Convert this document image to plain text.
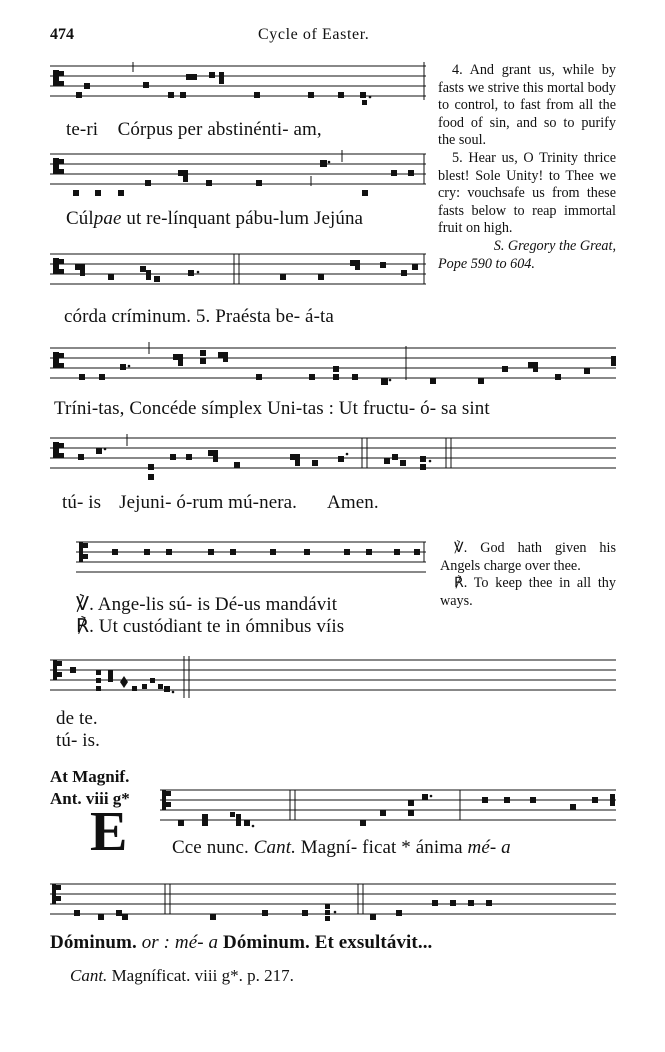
474	Cycle of Easter.
te-ri Córpus per abstinénti- am,
Cúlpae ut re-línquant pábu-lum Jejúna
córda críminum. 5. Praésta be- á-ta

4. And grant us, while by fasts we strive this mortal body to control, to fast from all the food of sin, and so to purify the soul.

5. Hear us, O Trinity thrice blest! Sole Unity! to Thee we cry: vouchsafe us from these fasts below to reap immortal fruit on high.

S. Gregory the Great,

Pope 590 to 604.

Tríni-tas, Concéde símplex Uni-tas : Ut fructu- ó- sa sint
tú- is Jejuni- ó-rum mú-nera. Amen.
℣. Ange-lis sú- is Dé-us mandávit
℟. Ut custódiant te in ómnibus víis

℣. God hath given his Angels charge over thee.

℟. To keep thee in all thy ways.

de te.
tú- is.
At Magnif.
Ant. viii g*
E Cce nunc. Cant. Magní- ficat * ánima mé- a
Dóminum. or : mé- a Dóminum. Et exsultávit...
Cant. Magníficat. viii g*. p. 217.
